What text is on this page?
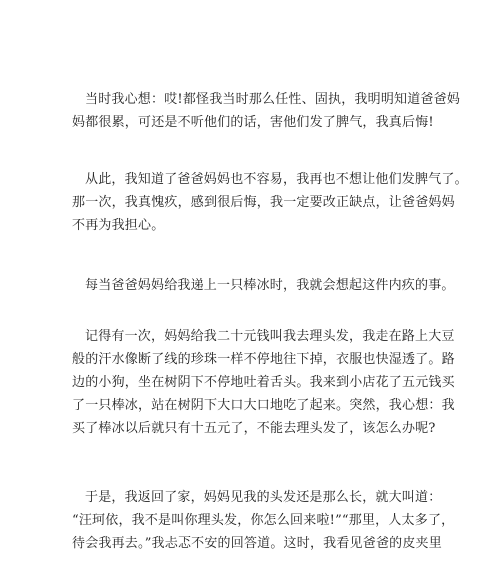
当时我心想：哎!都怪我当时那么任性、固执，我明明知道爸爸妈
妈都很累，可还是不听他们的话，害他们发了脾气，我真后悔!
从此，我知道了爸爸妈妈也不容易，我再也不想让他们发脾气了。
那一次，我真愧疚，感到很后悔，我一定要改正缺点，让爸爸妈妈
不再为我担心。
每当爸爸妈妈给我递上一只棒冰时，我就会想起这件内疚的事。
记得有一次，妈妈给我二十元钱叫我去理头发，我走在路上大豆
般的汗水像断了线的珍珠一样不停地往下掉，衣服也快湿透了。路
边的小狗，坐在树阴下不停地吐着舌头。我来到小店花了五元钱买
了一只棒冰，站在树阴下大口大口地吃了起来。突然，我心想：我
买了棒冰以后就只有十五元了，不能去理头发了，该怎么办呢?
于是，我返回了家，妈妈见我的头发还是那么长，就大叫道：
“汪珂依，我不是叫你理头发，你怎么回来啦!”“那里，人太多了，
待会我再去。”我忐忑不安的回答道。这时，我看见爸爸的皮夹里
